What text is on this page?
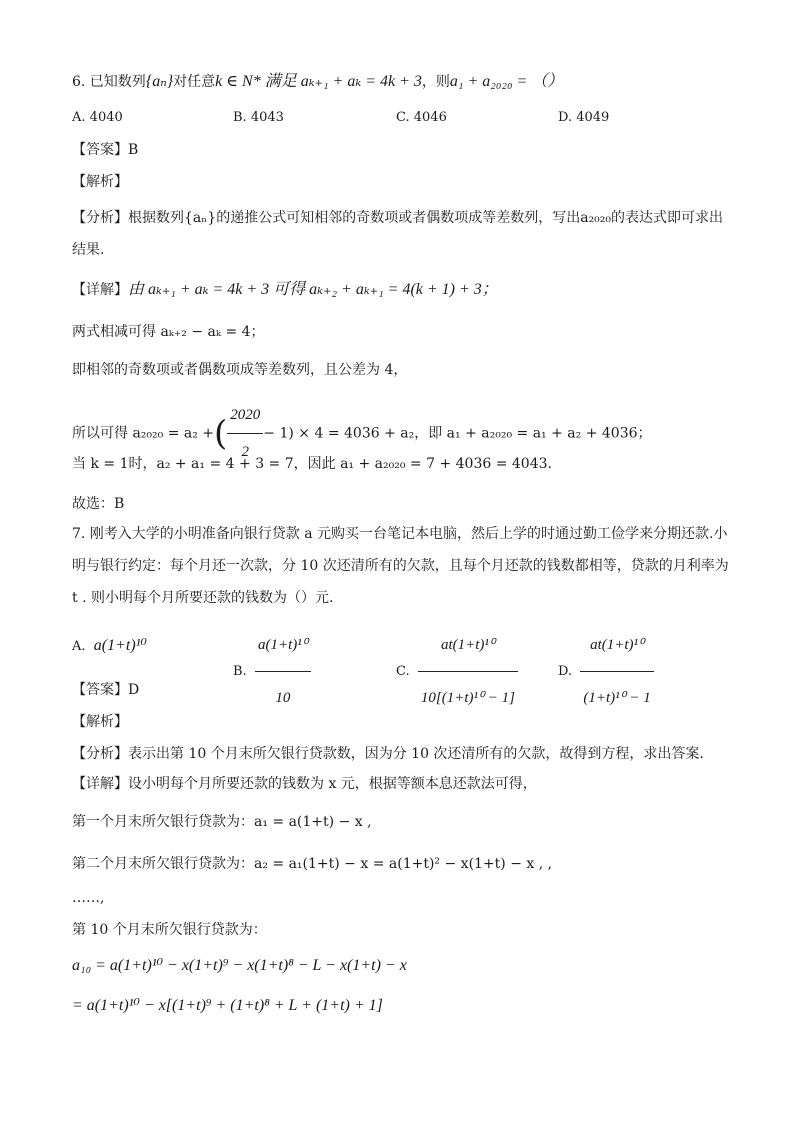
6. 已知数列{aₙ}对任意k ∈ N* 满足 aₖ₊₁ + aₖ = 4k + 3，则a₁ + a₂₀₂₀ = （）
A. 4040	B. 4043	C. 4046	D. 4049
【答案】B
【解析】
【分析】根据数列{aₙ}的递推公式可知相邻的奇数项或者偶数项成等差数列，写出a₂₀₂₀的表达式即可求出
结果.
【详解】由 aₖ₊₁ + aₖ = 4k + 3 可得 aₖ₊₂ + aₖ₊₁ = 4(k + 1) + 3；
两式相减可得 aₖ₊₂ − aₖ = 4；
即相邻的奇数项或者偶数项成等差数列，且公差为 4，
所以可得 a₂₀₂₀ = a₂ +( $\frac{2020}{2} - 1) \times 4 = 4036 + a_2$，即 a₁ + a₂₀₂₀ = a₁ + a₂ + 4036；
当 k = 1时，a₂ + a₁ = 4 + 3 = 7，因此 a₁ + a₂₀₂₀ = 7 + 4036 = 4043.
故选：B
7. 刚考入大学的小明准备向银行贷款 a 元购买一台笔记本电脑，然后上学的时通过勤工俭学来分期还款.小
明与银行约定：每个月还一次款，分 10 次还清所有的欠款，且每个月还款的钱数都相等，贷款的月利率为
t . 则小明每个月所要还款的钱数为（）元.
A. a(1+t)¹⁰
B. $\frac{\text{a(1+t)¹⁰}}{10}$	C. $\frac{\text{at(1+t)¹⁰}}{\text{10[(1+t)¹⁰ − 1]}}$	D. $\frac{\text{at(1+t)¹⁰}}{\text{(1+t)¹⁰ − 1}}$
【答案】D
【解析】
【分析】表示出第 10 个月末所欠银行贷款数，因为分 10 次还清所有的欠款，故得到方程，求出答案.
【详解】设小明每个月所要还款的钱数为 x 元，根据等额本息还款法可得，
第一个月末所欠银行贷款为：a₁ = a(1+t) − x ,
第二个月末所欠银行贷款为：a₂ = a₁(1+t) − x = a(1+t)² − x(1+t) − x , ,
……,
第 10 个月末所欠银行贷款为：
a₁₀ = a(1+t)¹⁰ − x(1+t)⁹ − x(1+t)⁸ − L − x(1+t) − x
= a(1+t)¹⁰ − x[(1+t)⁹ + (1+t)⁸ + L + (1+t) + 1]
